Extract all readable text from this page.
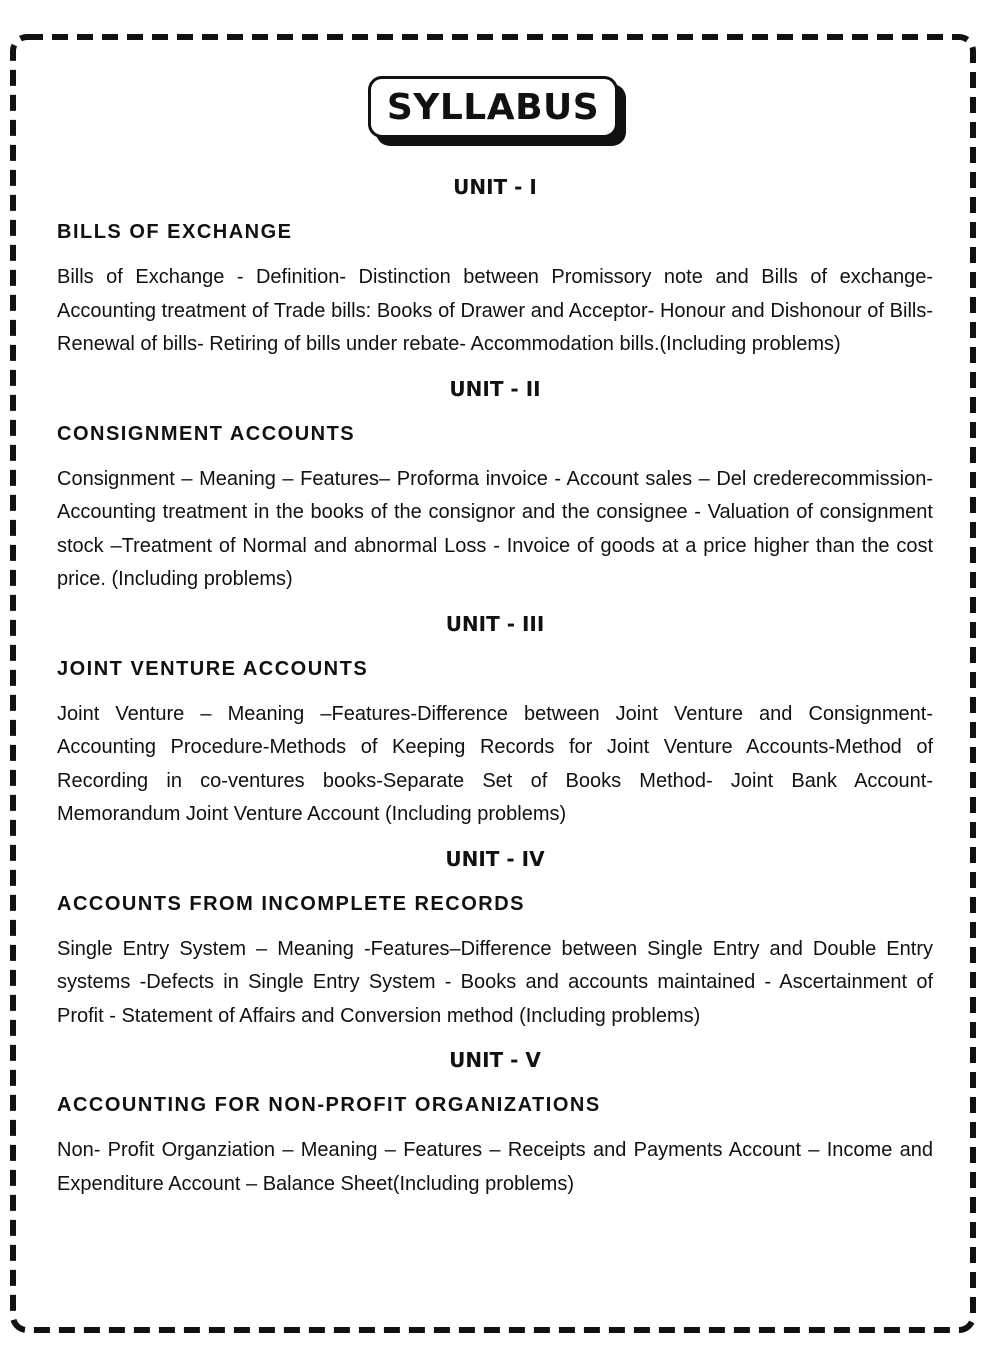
SYLLABUS
UNIT - I
BILLS OF EXCHANGE
Bills of Exchange - Definition- Distinction between Promissory note and Bills of exchange-Accounting treatment of Trade bills: Books of Drawer and Acceptor- Honour and Dishonour of Bills- Renewal of bills- Retiring of bills under rebate- Accommodation bills.(Including problems)
UNIT - II
CONSIGNMENT ACCOUNTS
Consignment – Meaning – Features– Proforma invoice - Account sales – Del crederecommission- Accounting treatment in the books of the consignor and the consignee - Valuation of consignment stock –Treatment of Normal and abnormal Loss - Invoice of goods at a price higher than the cost price. (Including problems)
UNIT - III
JOINT VENTURE ACCOUNTS
Joint Venture – Meaning –Features-Difference between Joint Venture and Consignment- Accounting Procedure-Methods of Keeping Records for Joint Venture Accounts-Method of Recording in co-ventures books-Separate Set of Books Method- Joint Bank Account- Memorandum Joint Venture Account (Including problems)
UNIT - IV
ACCOUNTS FROM INCOMPLETE RECORDS
Single Entry System – Meaning -Features–Difference between Single Entry and Double Entry systems -Defects in Single Entry System - Books and accounts maintained - Ascertainment of Profit - Statement of Affairs and Conversion method (Including problems)
UNIT - V
ACCOUNTING FOR NON-PROFIT ORGANIZATIONS
Non- Profit Organziation – Meaning – Features – Receipts and Payments Account – Income and Expenditure Account – Balance Sheet(Including problems)
